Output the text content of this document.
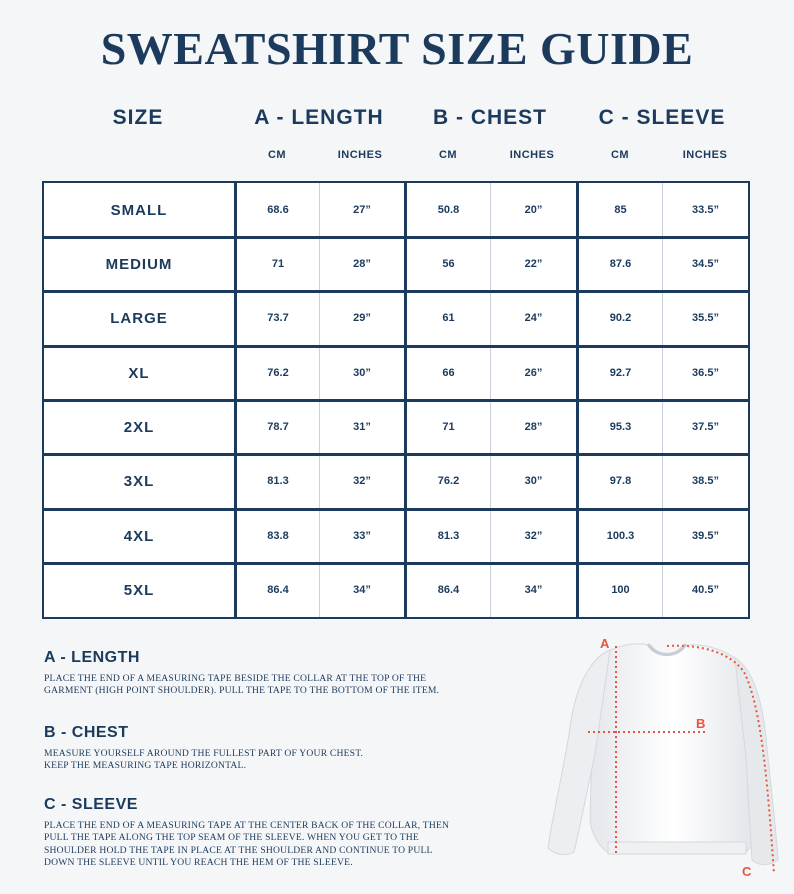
SWEATSHIRT SIZE GUIDE
SIZE	A - LENGTH	B - CHEST	C - SLEEVE
CM	INCHES	CM	INCHES	CM	INCHES
SMALL	68.6	27”	50.8	20”	85	33.5”
MEDIUM	71	28”	56	22”	87.6	34.5”
LARGE	73.7	29”	61	24”	90.2	35.5”
XL	76.2	30”	66	26”	92.7	36.5”
2XL	78.7	31”	71	28”	95.3	37.5”
3XL	81.3	32”	76.2	30”	97.8	38.5”
4XL	83.8	33”	81.3	32”	100.3	39.5”
5XL	86.4	34”	86.4	34”	100	40.5”
A - LENGTH
PLACE THE END OF A MEASURING TAPE BESIDE THE COLLAR AT THE TOP OF THE
GARMENT (HIGH POINT SHOULDER). PULL THE TAPE TO THE BOTTOM OF THE ITEM.
B - CHEST
MEASURE YOURSELF AROUND THE FULLEST PART OF YOUR CHEST.
KEEP THE MEASURING TAPE HORIZONTAL.
C - SLEEVE
PLACE THE END OF A MEASURING TAPE AT THE CENTER BACK OF THE COLLAR, THEN
PULL THE TAPE ALONG THE TOP SEAM OF THE SLEEVE. WHEN YOU GET TO THE
SHOULDER HOLD THE TAPE IN PLACE AT THE SHOULDER AND CONTINUE TO PULL
DOWN THE SLEEVE UNTIL YOU REACH THE HEM OF THE SLEEVE.
A
B
C
